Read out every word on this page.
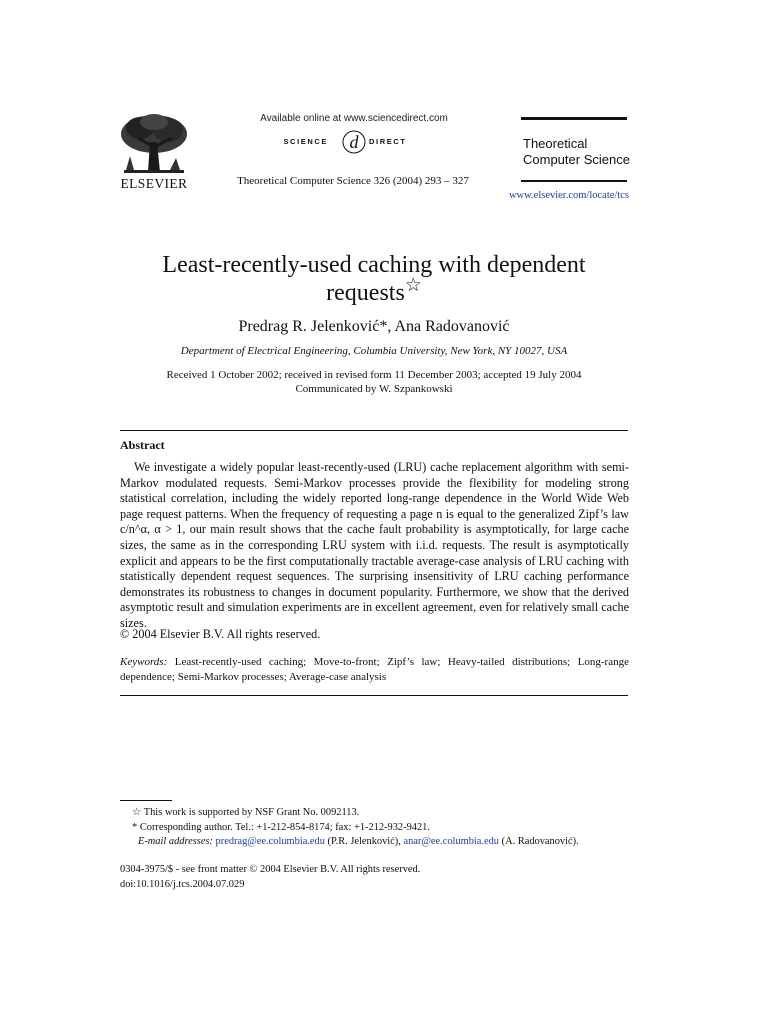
ELSEVIER
Available online at www.sciencedirect.com
SCIENCE d DIRECT
Theoretical Computer Science 326 (2004) 293 – 327
Theoretical
Computer Science
www.elsevier.com/locate/tcs
Least-recently-used caching with dependent
requests☆
Predrag R. Jelenković*, Ana Radovanović
Department of Electrical Engineering, Columbia University, New York, NY 10027, USA
Received 1 October 2002; received in revised form 11 December 2003; accepted 19 July 2004
Communicated by W. Szpankowski
Abstract

We investigate a widely popular least-recently-used (LRU) cache replacement algorithm with semi-Markov modulated requests. Semi-Markov processes provide the flexibility for modeling strong statistical correlation, including the widely reported long-range dependence in the World Wide Web page request patterns. When the frequency of requesting a page n is equal to the generalized Zipf’s law c/n^α, α > 1, our main result shows that the cache fault probability is asymptotically, for large cache sizes, the same as in the corresponding LRU system with i.i.d. requests. The result is asymptotically explicit and appears to be the first computationally tractable average-case analysis of LRU caching with statistically dependent request sequences. The surprising insensitivity of LRU caching performance demonstrates its robustness to changes in document popularity. Furthermore, we show that the derived asymptotic result and simulation experiments are in excellent agreement, even for relatively small cache sizes.

© 2004 Elsevier B.V. All rights reserved.
Keywords: Least-recently-used caching; Move-to-front; Zipf’s law; Heavy-tailed distributions; Long-range dependence; Semi-Markov processes; Average-case analysis
☆ This work is supported by NSF Grant No. 0092113.
* Corresponding author. Tel.: +1-212-854-8174; fax: +1-212-932-9421.
E-mail addresses: predrag@ee.columbia.edu (P.R. Jelenković), anar@ee.columbia.edu (A. Radovanović).
0304-3975/$ - see front matter © 2004 Elsevier B.V. All rights reserved.
doi:10.1016/j.tcs.2004.07.029
